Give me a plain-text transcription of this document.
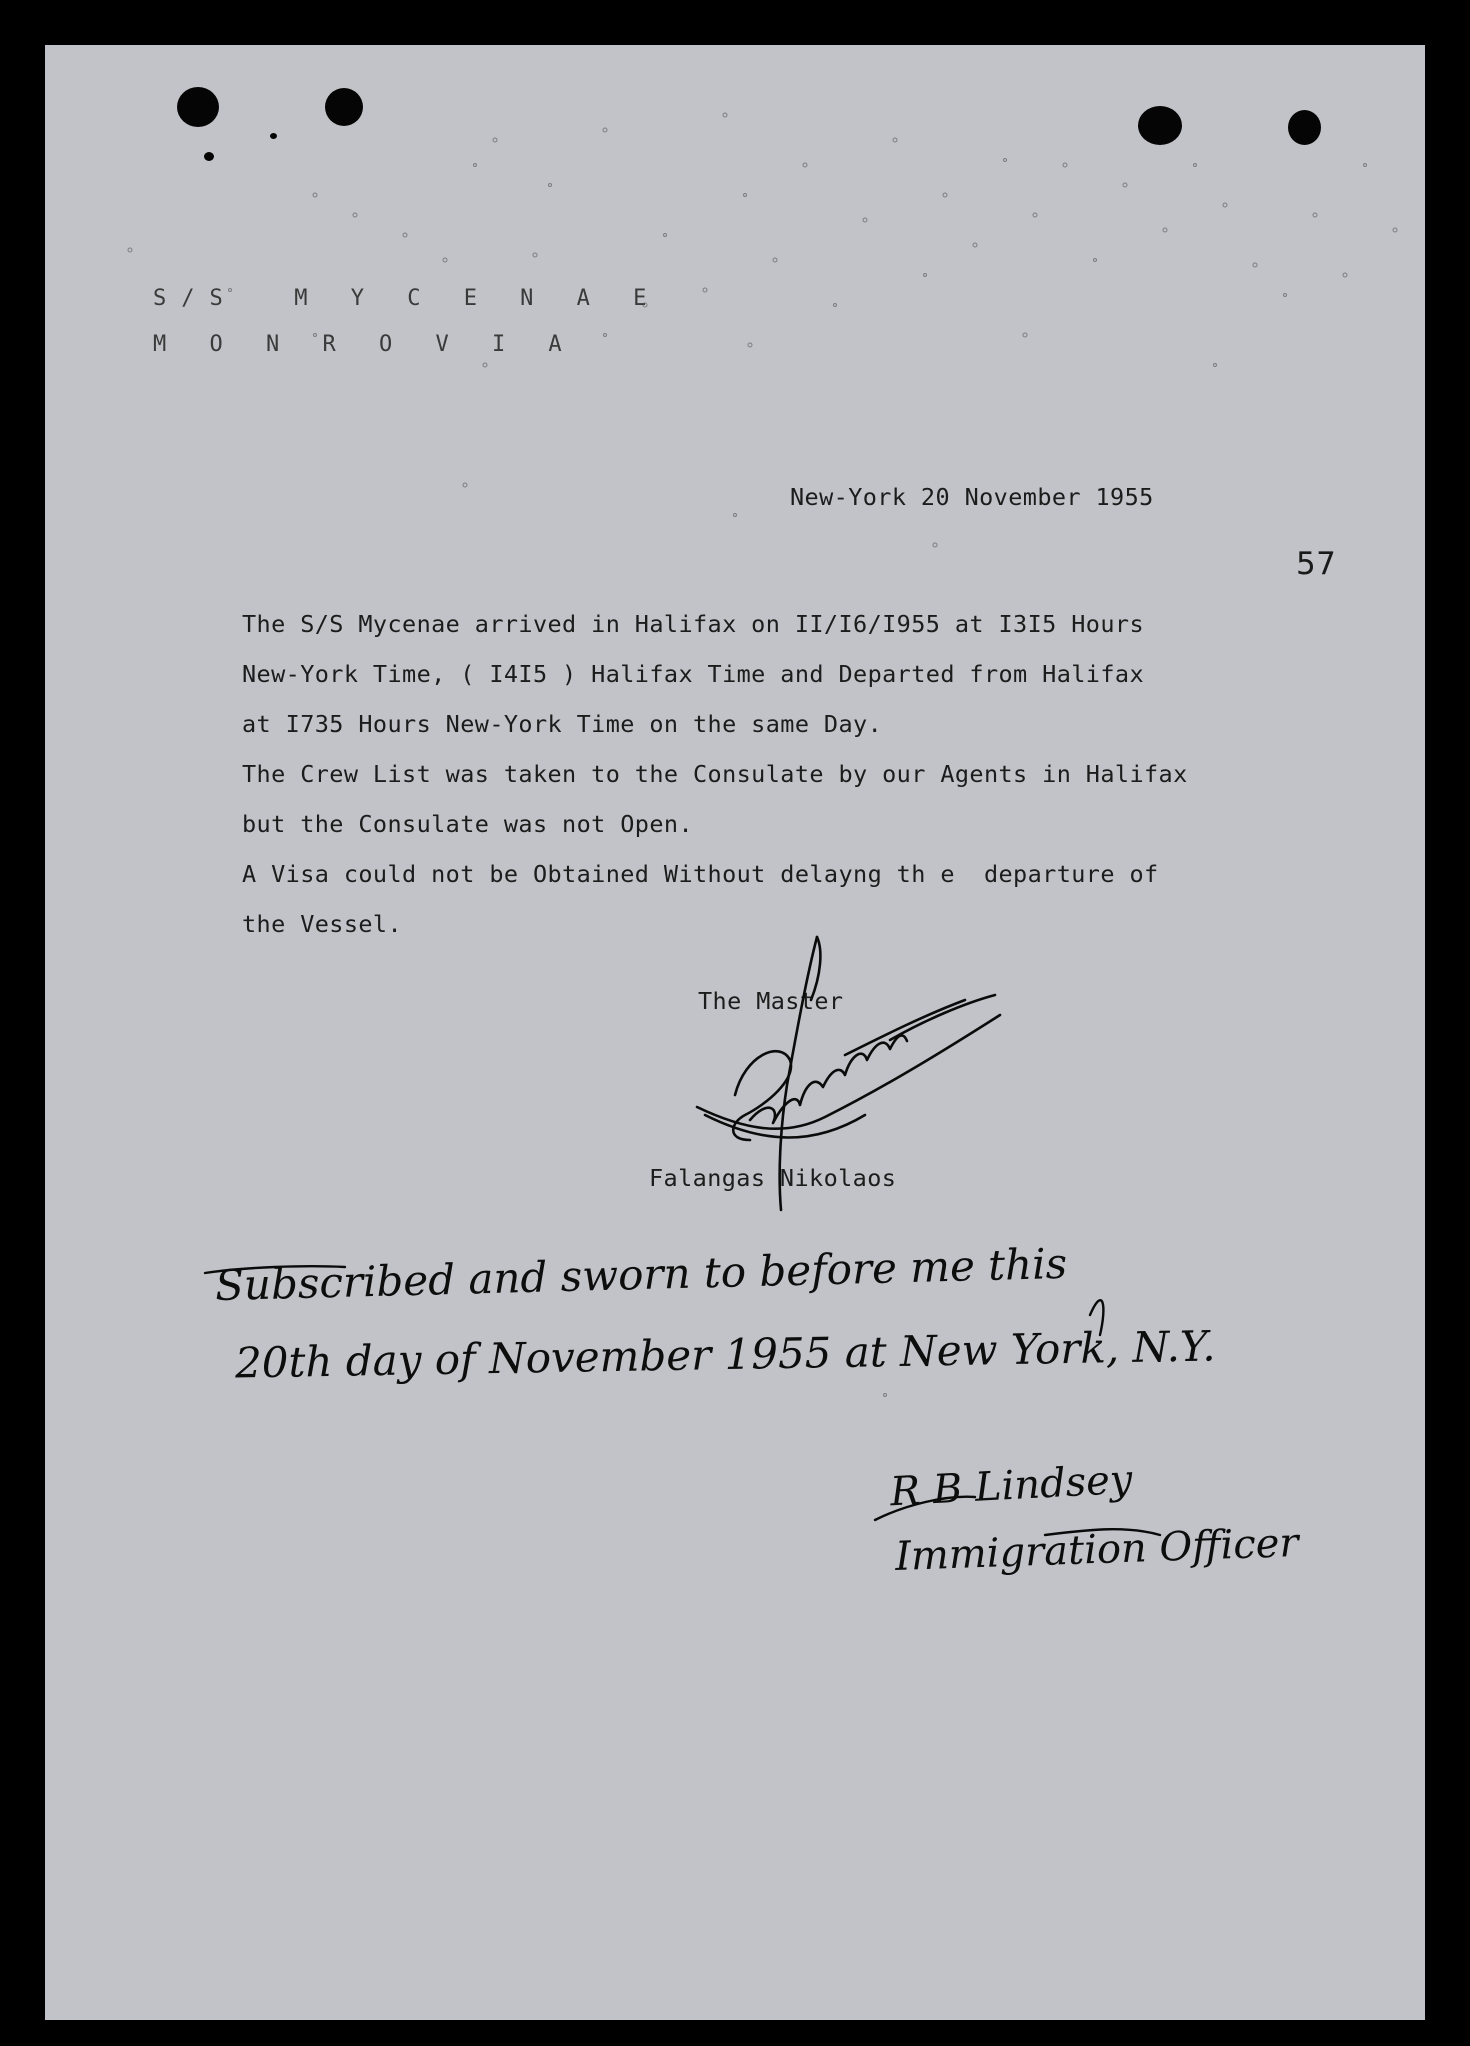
S/S  M Y C E N A E
M O N R O V I A
New-York 20 November 1955
57
The S/S Mycenae arrived in Halifax on II/I6/I955 at I3I5 Hours
New-York Time, ( I4I5 ) Halifax Time and Departed from Halifax
at I735 Hours New-York Time on the same Day.
The Crew List was taken to the Consulate by our Agents in Halifax
but the Consulate was not Open.
A Visa could not be Obtained Without delayng th e  departure of
the Vessel.
The Master
Falangas Nikolaos
Subscribed and sworn to before me this
20th day of November 1955 at New York, N.Y.
R B Lindsey
Immigration Officer
